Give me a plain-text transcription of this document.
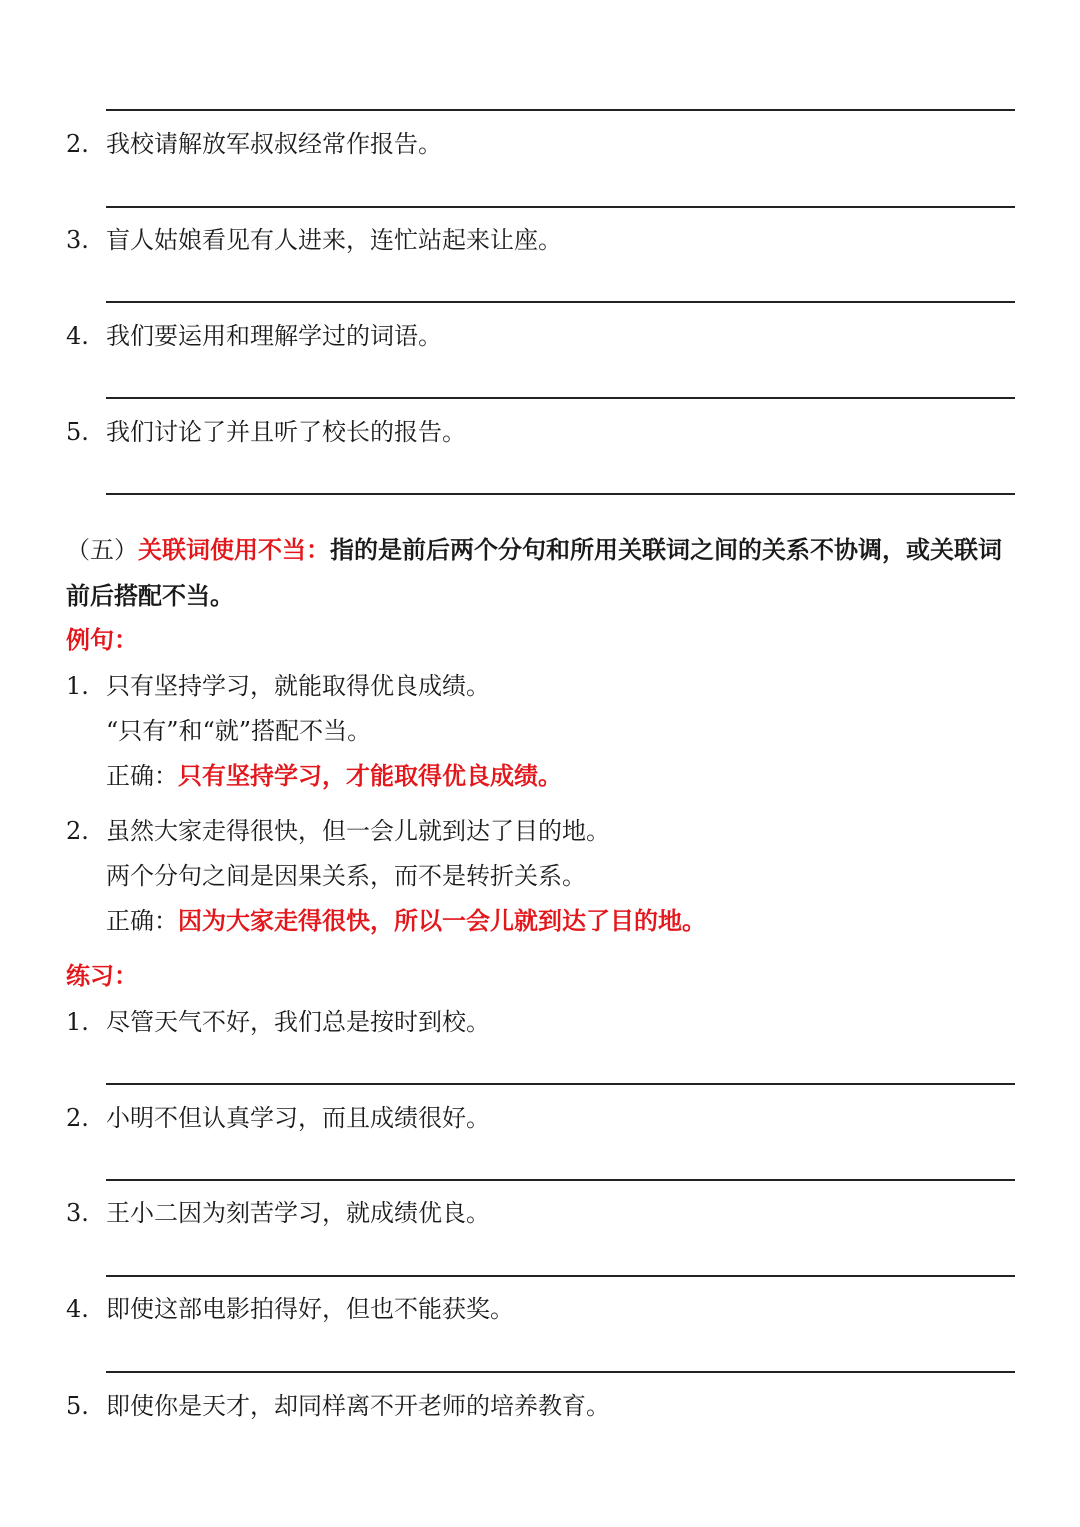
2. 我校请解放军叔叔经常作报告。
3. 盲人姑娘看见有人进来，连忙站起来让座。
4. 我们要运用和理解学过的词语。
5. 我们讨论了并且听了校长的报告。
（五）关联词使用不当：指的是前后两个分句和所用关联词之间的关系不协调，或关联词前后搭配不当。
例句：
1. 只有坚持学习，就能取得优良成绩。
“只有”和“就”搭配不当。
正确：只有坚持学习，才能取得优良成绩。
2. 虽然大家走得很快，但一会儿就到达了目的地。
两个分句之间是因果关系，而不是转折关系。
正确：因为大家走得很快，所以一会儿就到达了目的地。
练习：
1. 尽管天气不好，我们总是按时到校。
2. 小明不但认真学习，而且成绩很好。
3. 王小二因为刻苦学习，就成绩优良。
4. 即使这部电影拍得好，但也不能获奖。
5. 即使你是天才，却同样离不开老师的培养教育。
